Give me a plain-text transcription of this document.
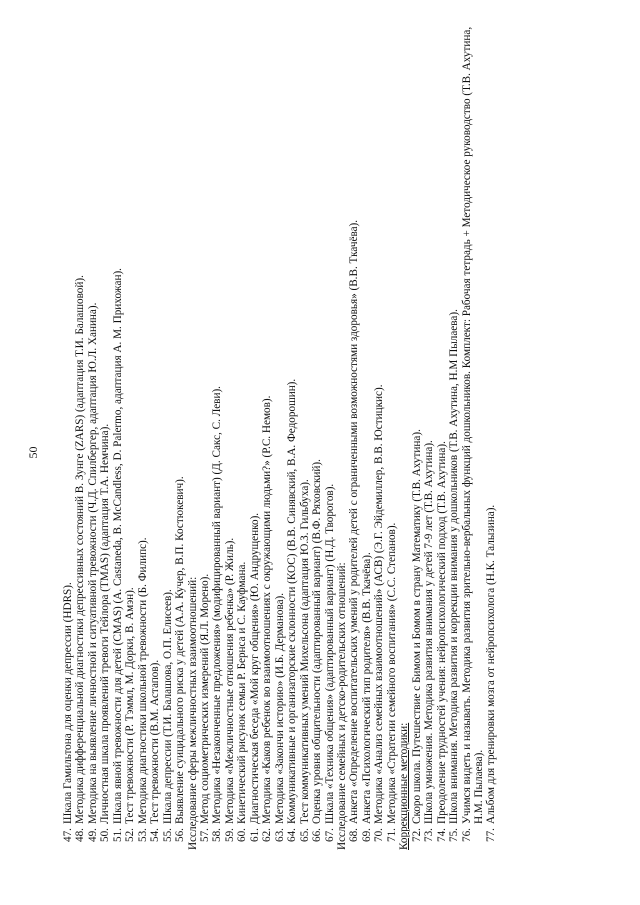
50
47.
Шкала Гамильтона для оценки депрессии (HDRS).
48.
Методика дифференциальной диагностики депрессивных состояний В. Зунге (ZARS) (адаптация Т.И. Балашовой).
49.
Методика на выявление личностной и ситуативной тревожности (Ч.Д. Спилбергер, адаптация Ю.Л. Ханина).
50.
Личностная шкала проявлений тревоги Тейлора (TMAS) (адаптация Т.А. Немчина).
51.
Шкала явной тревожности для детей (CMAS) (A. Castaneda, B. McCandless, D. Palermo, адаптация А. М. Прихожан).
52.
Тест тревожности (Р. Тэммл, М. Дорки, В. Амэн).
53.
Методика диагностики школьной тревожности (Б. Филипс).
54.
Тест тревожности (В.М. Астапов).
55.
Шкала депрессии (Т.И. Балашова, О.П. Елисеев).
56.
Выявление суицидального риска у детей (А.А. Кучер, В.П. Костюкевич). Исследование сферы межличностных взаимоотношений: 57.
Метод социометрических измерений (Я.Л. Морено).
58.
Методика «Незаконченные предложения» (модифицированный вариант) (Д. Сакс, С. Леви).
59.
Методика «Межличностные отношения ребенка» (Р. Жиль).
60.
Кинетический рисунок семьи Р. Бернса и С. Кауфмана.
61.
Диагностическая беседа «Мой круг общения» (Ю. Андрущенко).
62.
Методика «Каков ребенок во взаимоотношениях с окружающими людьми?» (Р.С. Немов).
63.
Методика «Закончи историю» (И.Б. Дерманова).
64.
Коммуникативные и организаторские склонности (КОС) (В.В. Синявский, В.А. Федорошин).
65.
Тест коммуникативных умений Михельсона (адаптация Ю.З. Гильбуха).
66.
Оценка уровня общительности (адаптированный вариант) (В.Ф. Ряховский).
67.
Шкала «Техника общения» (адаптированный вариант) (Н.Д. Творогов). Исследование семейных и детско-родительских отношений: 68.
Анкета «Определение воспитательских умений у родителей детей с ограниченными возможностями здоровья» (В.В. Ткачёва).
69.
Анкета «Психологический тип родителя» (В.В. Ткачёва).
70.
Методика «Анализ семейных взаимоотношений» (АСВ) (Э.Г. Эйдемиллер, В.В. Юстицкис).
71.
Методика «Стратегии семейного воспитания» (С.С. Степанов). Коррекционные методики: 72.
Скоро школа. Путешествие с Бимом и Бомом в страну Математику (Т.В. Ахутина).
73.
Школа умножения. Методика развития внимания у детей 7-9 лет (Т.В. Ахутина).
74.
Преодоление трудностей учения: нейропсихологический подход (Т.В. Ахутина).
75.
Школа внимания. Методика развития и коррекции внимания у дошкольников (Т.В. Ахутина, Н.М Пылаева).
76.
Учимся видеть и называть. Методика развития зрительно-вербальных функций дошкольников. Комплект: Рабочая тетрадь + Методическое руководство (Т.В. Ахутина, Н.М. Пылаева).
77.
Альбом для тренировки мозга от нейропсихолога (Н.К. Талызина).
